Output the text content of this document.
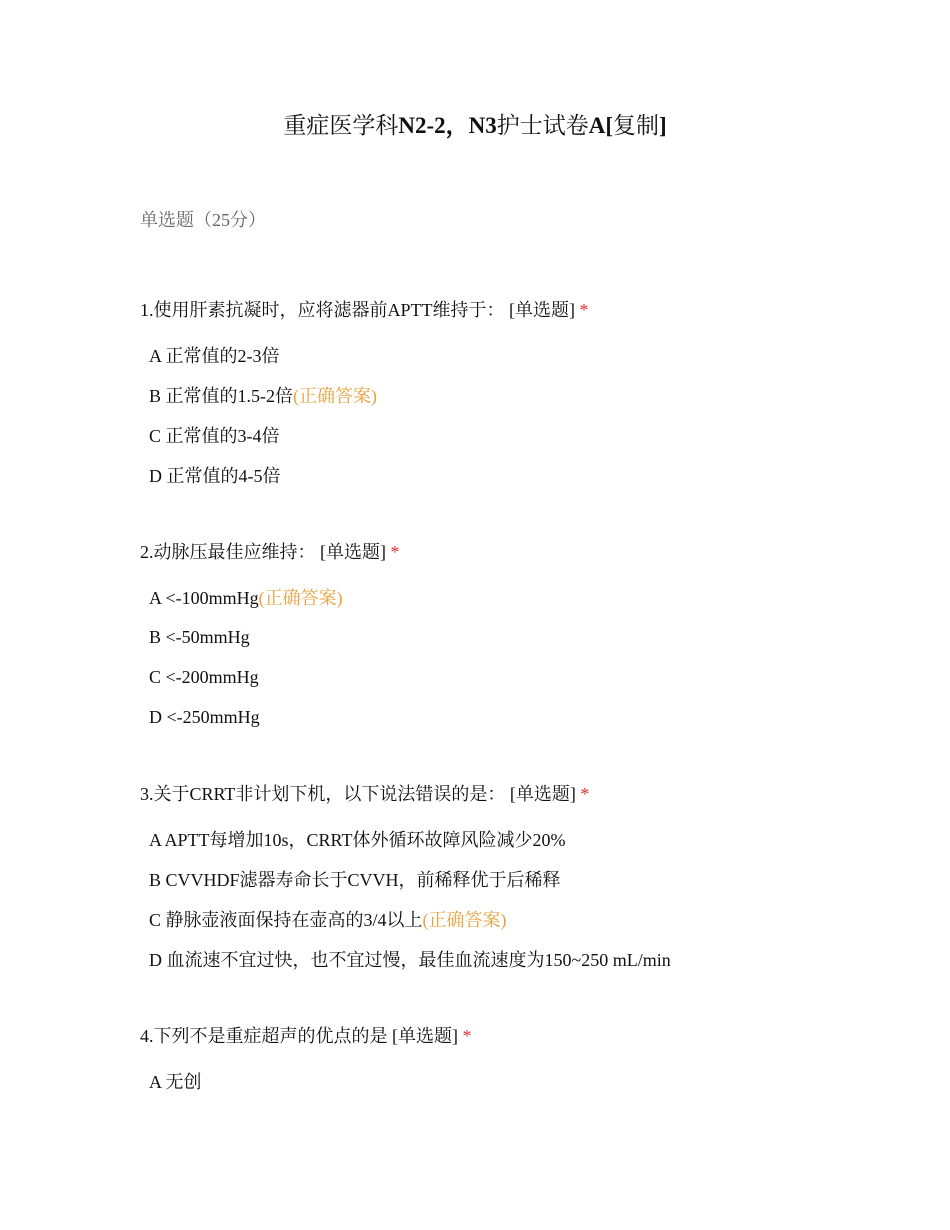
重症医学科N2-2，N3护士试卷A[复制]
单选题（25分）
1.使用肝素抗凝时，应将滤器前APTT维持于： [单选题] *
A 正常值的2-3倍
B 正常值的1.5-2倍(正确答案)
C 正常值的3-4倍
D 正常值的4-5倍
2.动脉压最佳应维持： [单选题] *
A <-100mmHg(正确答案)
B <-50mmHg
C <-200mmHg
D <-250mmHg
3.关于CRRT非计划下机，以下说法错误的是： [单选题] *
A APTT每增加10s，CRRT体外循环故障风险减少20%
B CVVHDF滤器寿命长于CVVH，前稀释优于后稀释
C 静脉壶液面保持在壶高的3/4以上(正确答案)
D 血流速不宜过快，也不宜过慢，最佳血流速度为150~250 mL/min
4.下列不是重症超声的优点的是 [单选题] *
A 无创
